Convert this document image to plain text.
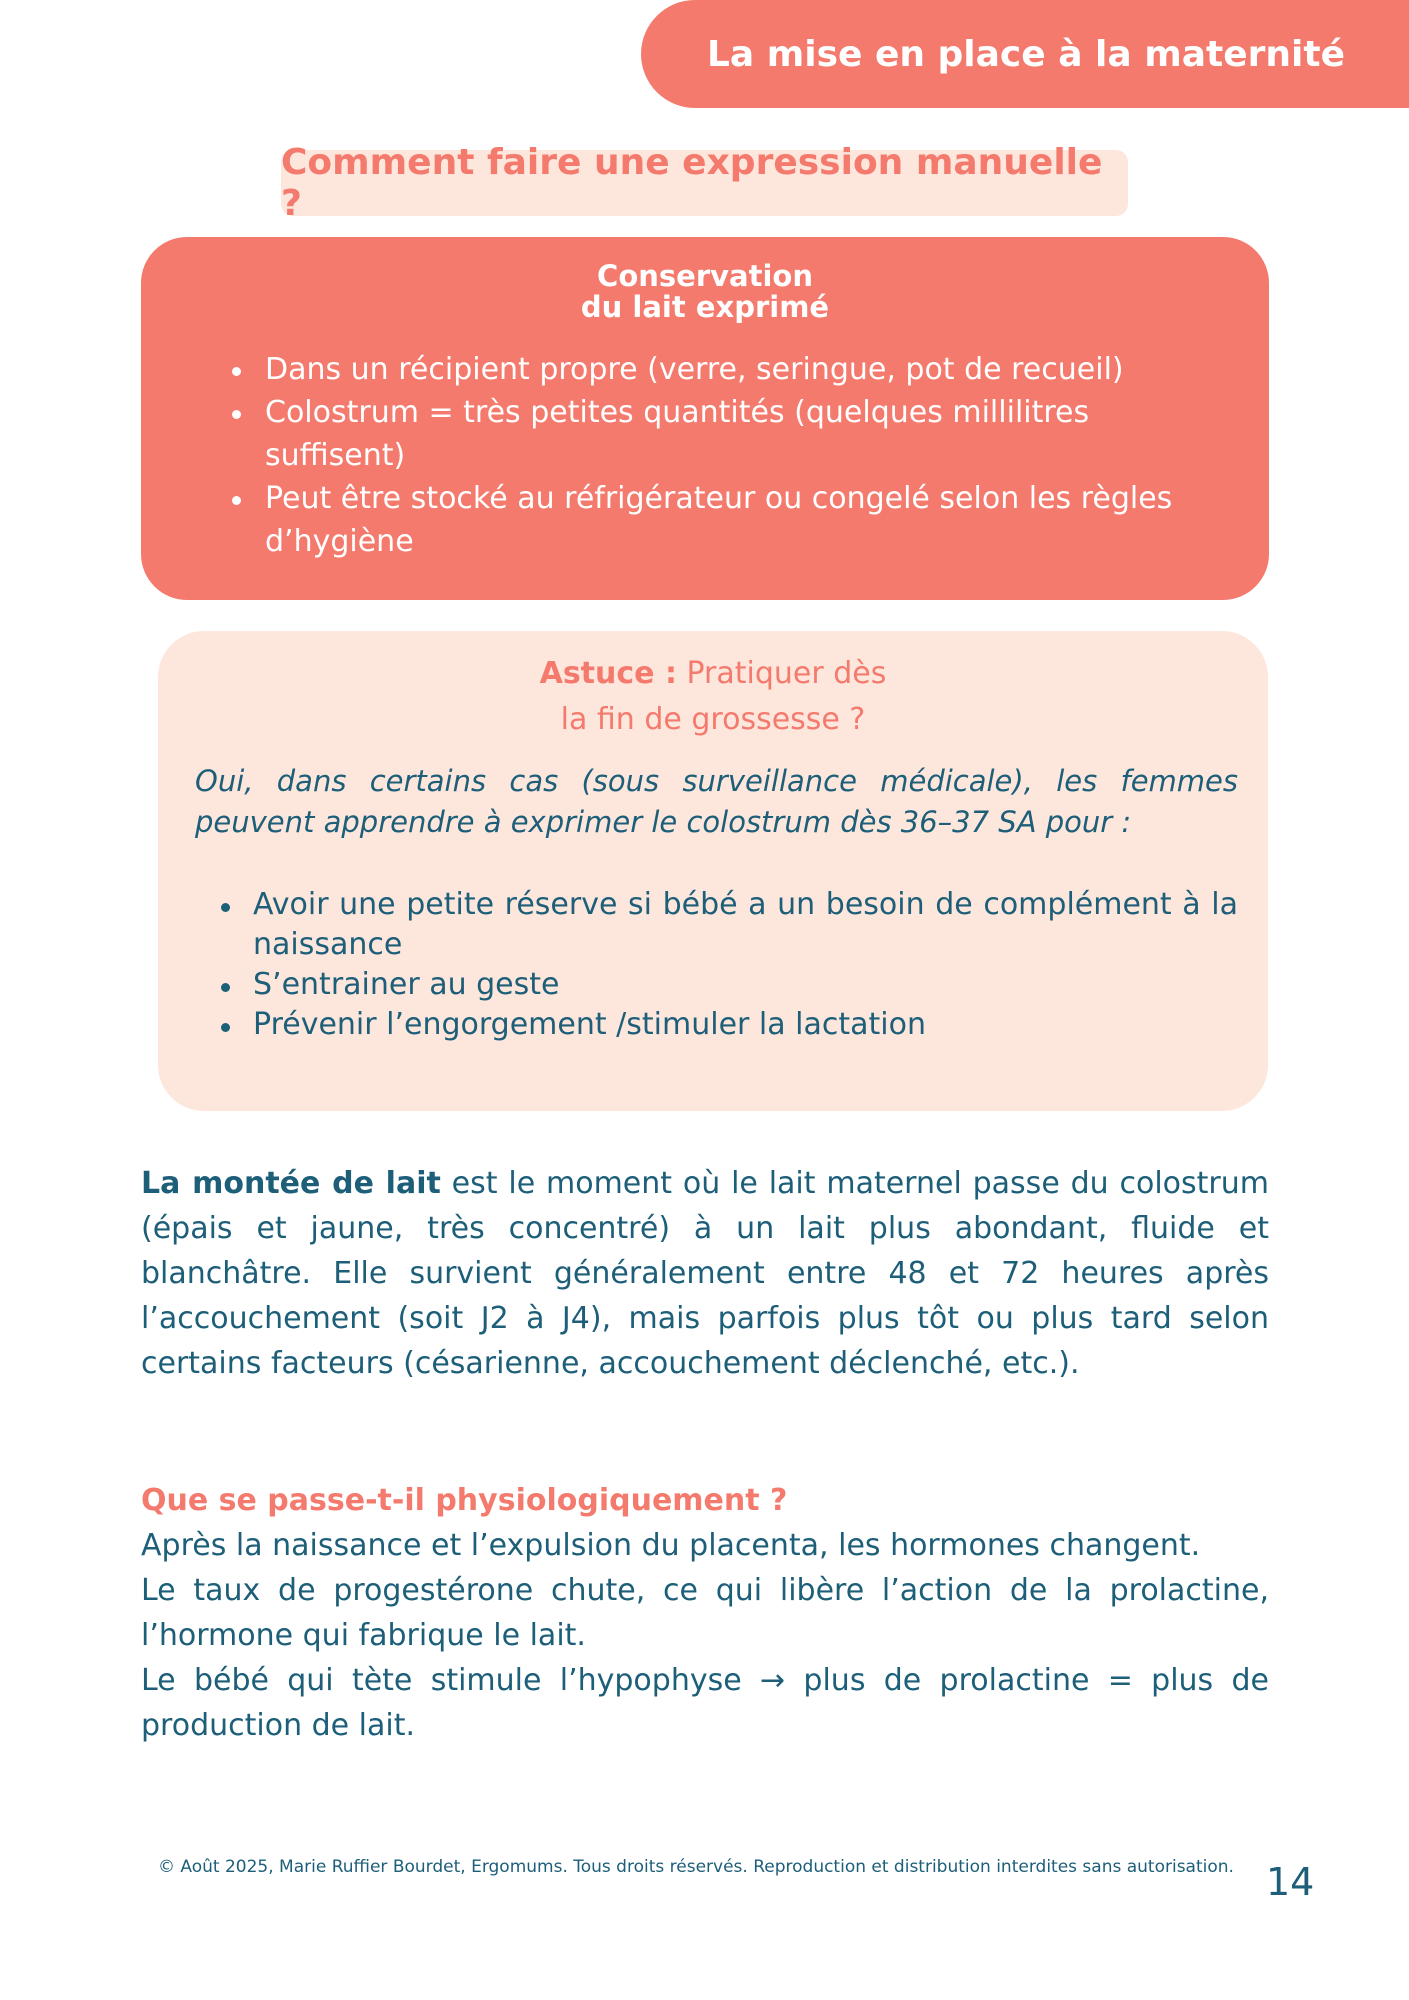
La mise en place à la maternité
Comment faire une expression manuelle ?
Conservation
du lait exprimé
Dans un récipient propre (verre, seringue, pot de recueil)
Colostrum = très petites quantités (quelques millilitres suffisent)
Peut être stocké au réfrigérateur ou congelé selon les règles d’hygiène
Astuce : Pratiquer dès
la fin de grossesse ?
Oui, dans certains cas (sous surveillance médicale), les femmes peuvent apprendre à exprimer le colostrum dès 36–37 SA pour :
Avoir une petite réserve si bébé a un besoin de complément à la naissance
S’entrainer au geste
Prévenir l’engorgement /stimuler la lactation
La montée de lait est le moment où le lait maternel passe du colostrum (épais et jaune, très concentré) à un lait plus abondant, fluide et blanchâtre. Elle survient généralement entre 48 et 72 heures après l’accouchement (soit J2 à J4), mais parfois plus tôt ou plus tard selon certains facteurs (césarienne, accouchement déclenché, etc.).
Que se passe-t-il physiologiquement ?

Après la naissance et l’expulsion du placenta, les hormones changent.

Le taux de progestérone chute, ce qui libère l’action de la prolactine, l’hormone qui fabrique le lait.

Le bébé qui tète stimule l’hypophyse → plus de prolactine = plus de production de lait.

© Août 2025, Marie Ruffier Bourdet, Ergomums. Tous droits réservés. Reproduction et distribution interdites sans autorisation. 14
